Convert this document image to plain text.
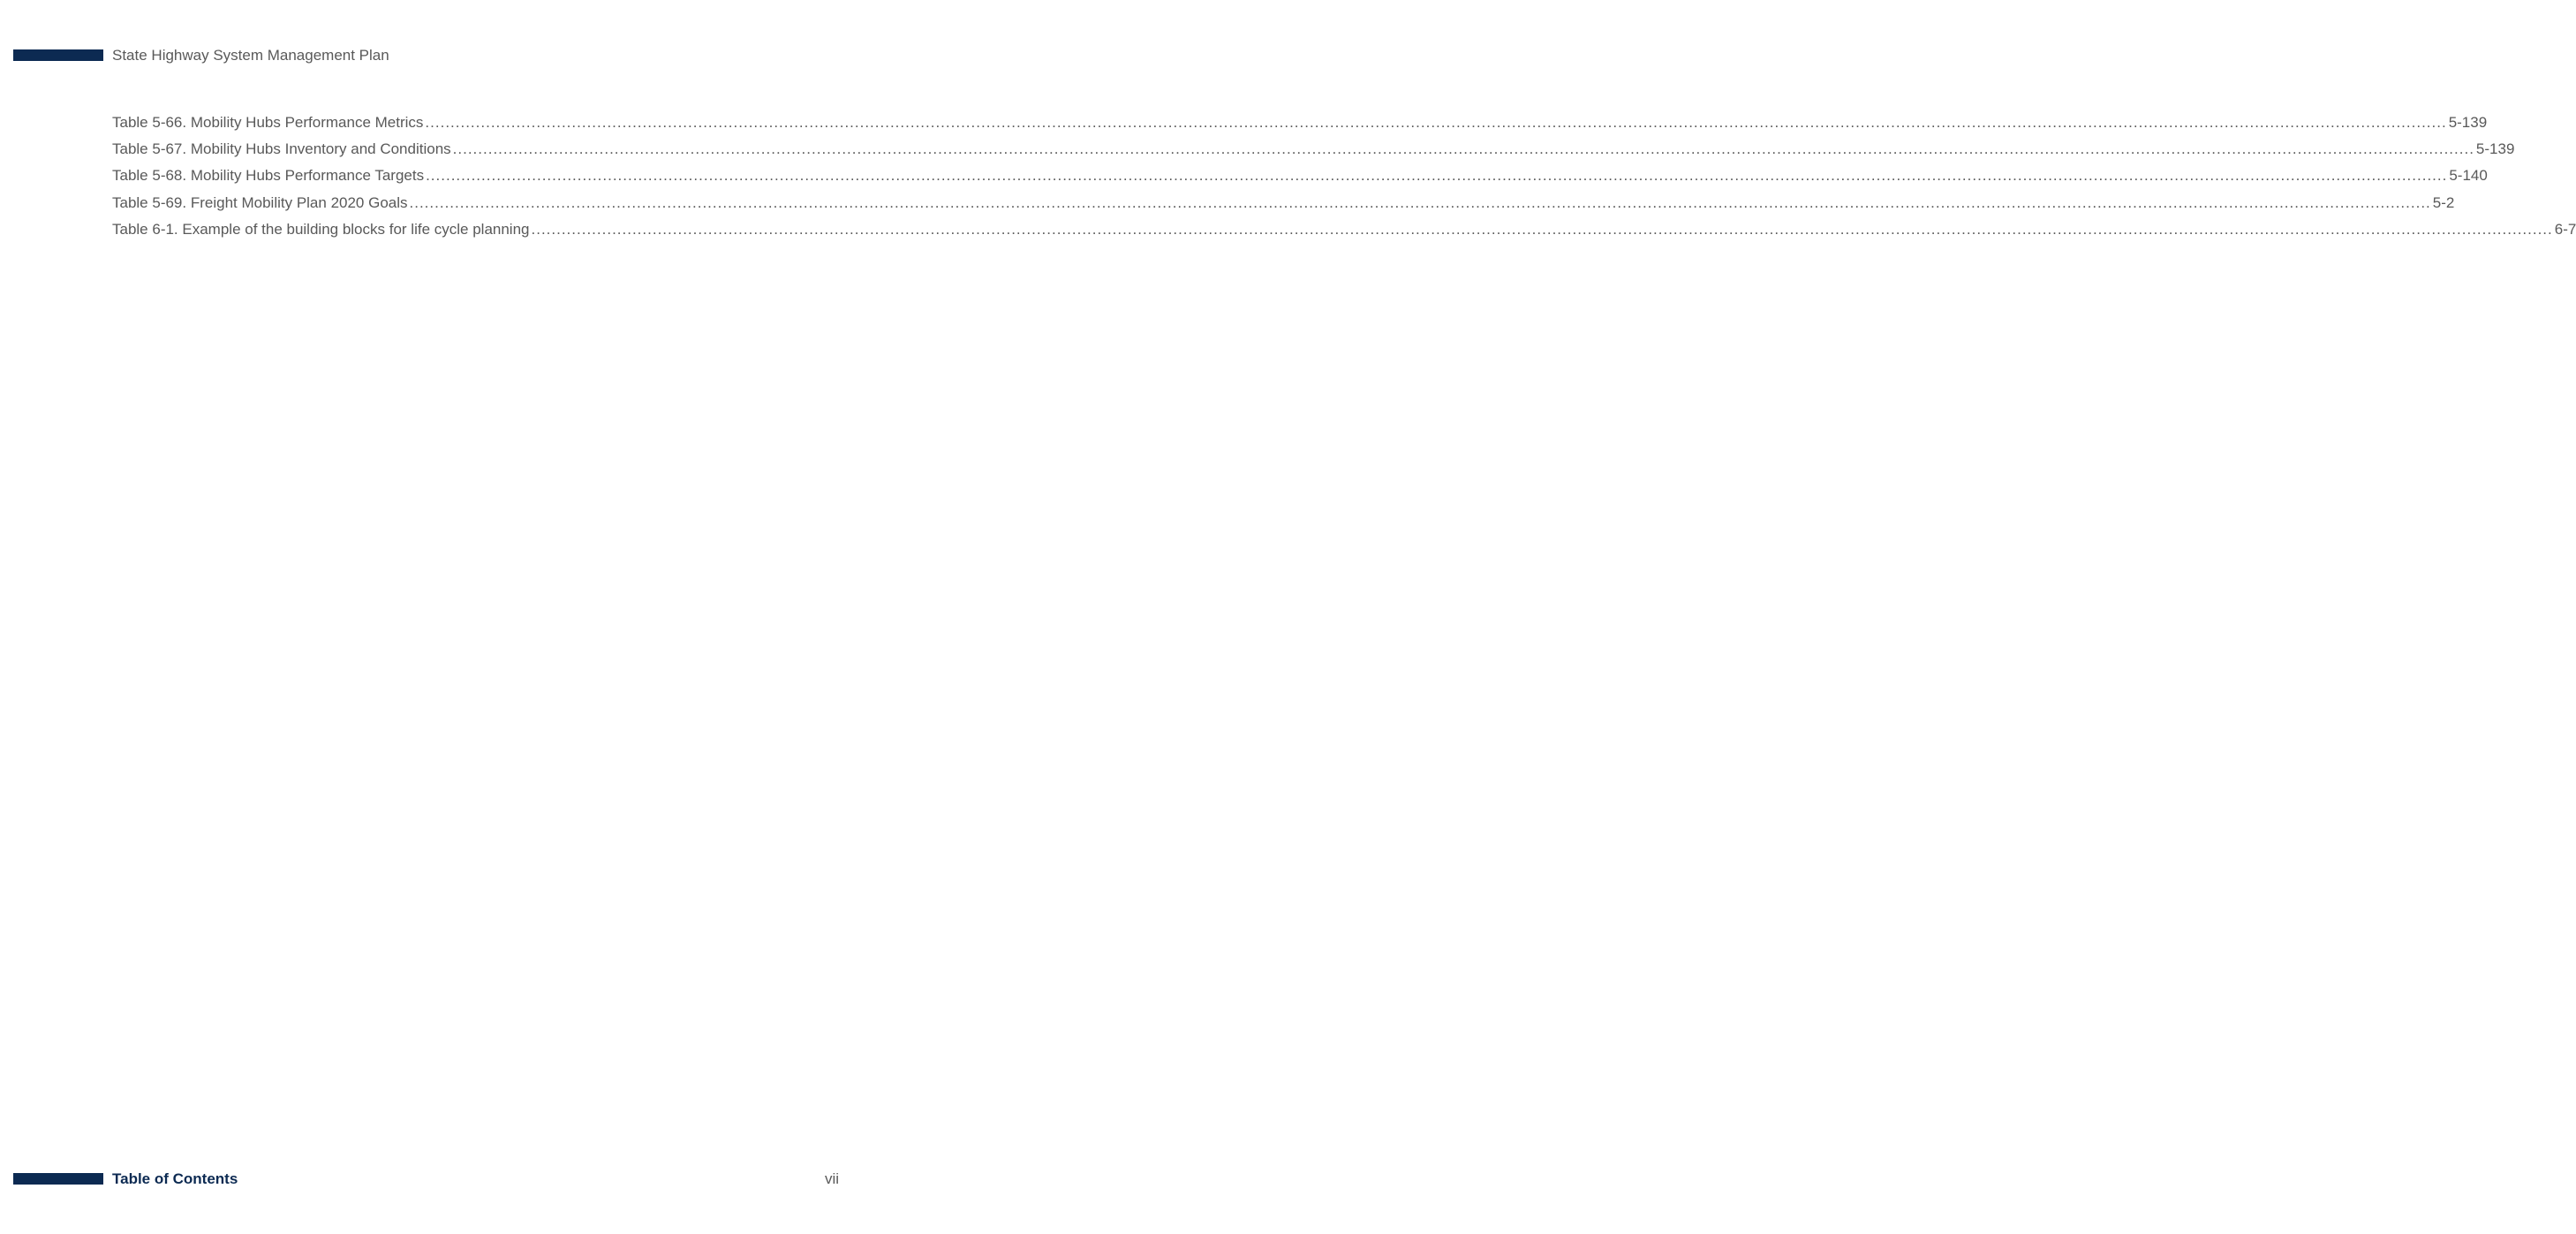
State Highway System Management Plan
Table 5-66. Mobility Hubs Performance Metrics ................................................................................................................................................................................................................................................................................................................................................................................................................ 5-139
Table 5-67. Mobility Hubs Inventory and Conditions ................................................................................................................................................................................................................................................................................................................................................................................................................ 5-139
Table 5-68. Mobility Hubs Performance Targets ................................................................................................................................................................................................................................................................................................................................................................................................................ 5-140
Table 5-69. Freight Mobility Plan 2020 Goals ................................................................................................................................................................................................................................................................................................................................................................................................................ 5-2
Table 6-1. Example of the building blocks for life cycle planning ................................................................................................................................................................................................................................................................................................................................................................................................................ 6-7
Table of Contents	vii
